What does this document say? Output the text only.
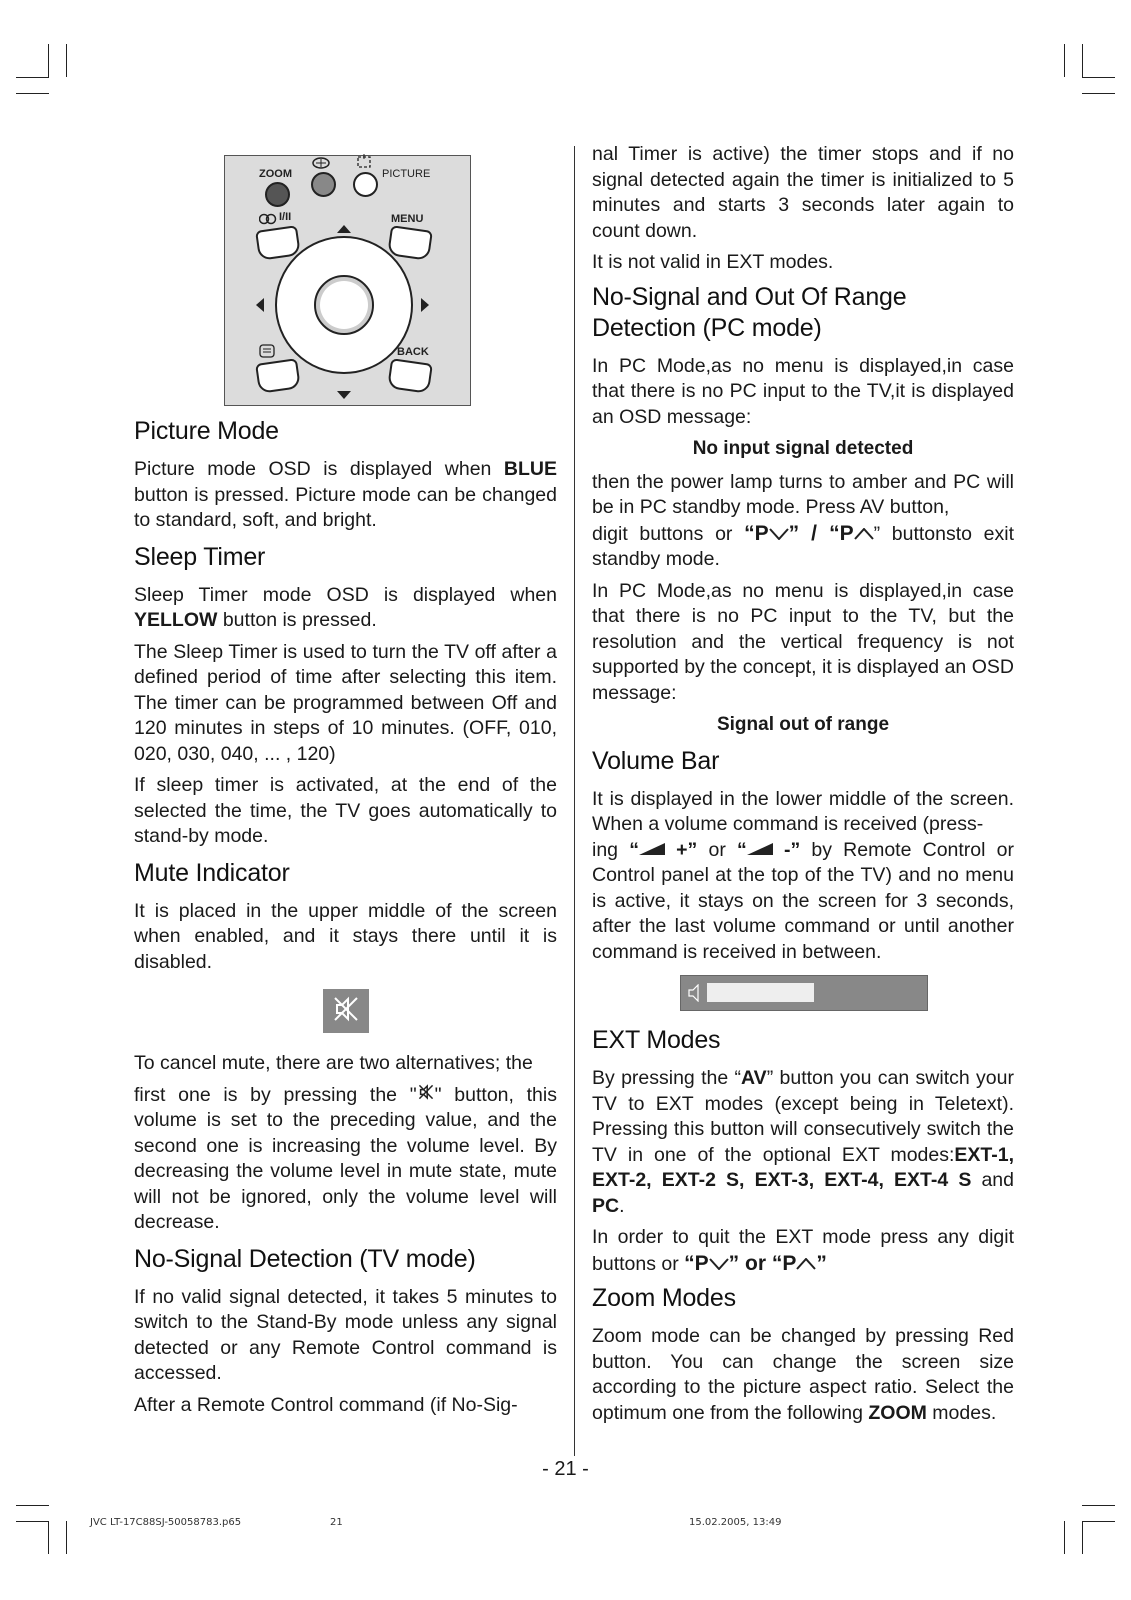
ZOOM	PICTURE
I/II	MENU
BACK
Picture Mode

Picture mode OSD is displayed when BLUE button is pressed. Picture mode can be changed to standard, soft, and bright.

Sleep Timer

Sleep Timer mode OSD is displayed when YELLOW button is pressed.

The Sleep Timer is used to turn the TV off after a defined period of time after selecting this item. The timer can be programmed between Off and 120 minutes in steps of 10 minutes. (OFF, 010, 020, 030, 040, ... , 120)

If sleep timer is activated, at the end of the selected the time, the TV goes automatically to stand-by mode.

Mute Indicator

It is placed in the upper middle of the screen when enabled, and it stays there until it is disabled.

To cancel mute, there are two alternatives; the

first one is by pressing the " " button, this volume is set to the preceding value, and the second one is increasing the volume level. By decreasing the volume level in mute state, mute will not be ignored, only the volume level will decrease.

No-Signal Detection (TV mode)

If no valid signal detected, it takes 5 minutes to switch to the Stand-By mode unless any signal detected or any Remote Control command is accessed.

After a Remote Control command (if No-Sig-

nal Timer is active) the timer stops and if no signal detected again the timer is initialized to 5 minutes and starts 3 seconds later again to count down.

It is not valid in EXT modes.

No-Signal and Out Of Range Detection (PC mode)

In PC Mode,as no menu is displayed,in case that there is no PC input to the TV,it is displayed an OSD message:

No input signal detected

then the power lamp turns to amber and PC will be in PC standby mode. Press AV button,

digit buttons or “P ” / “P ” buttonsto exit standby mode.

In PC Mode,as no menu is displayed,in case that there is no PC input to the TV, but the resolution and the vertical frequency is not supported by the concept, it is displayed an OSD message:

Signal out of range

Volume Bar

It is displayed in the lower middle of the screen. When a volume command is received (press-

ing “ +” or “ -” by Remote Control or Control panel at the top of the TV) and no menu is active, it stays on the screen for 3 seconds, after the last volume command or until another command is received in between.

EXT Modes

By pressing the “AV” button you can switch your TV to EXT modes (except being in Teletext). Pressing this button will consecutively switch the TV in one of the optional EXT modes:EXT-1, EXT-2, EXT-2 S, EXT-3, EXT-4, EXT-4 S and PC.

In order to quit the EXT mode press any digit buttons or “P ” or “P ”

Zoom Modes

Zoom mode can be changed by pressing Red button. You can change the screen size according to the picture aspect ratio. Select the optimum one from the following ZOOM modes.

- 21 -
JVC LT-17C88SJ-50058783.p65	21	15.02.2005, 13:49
